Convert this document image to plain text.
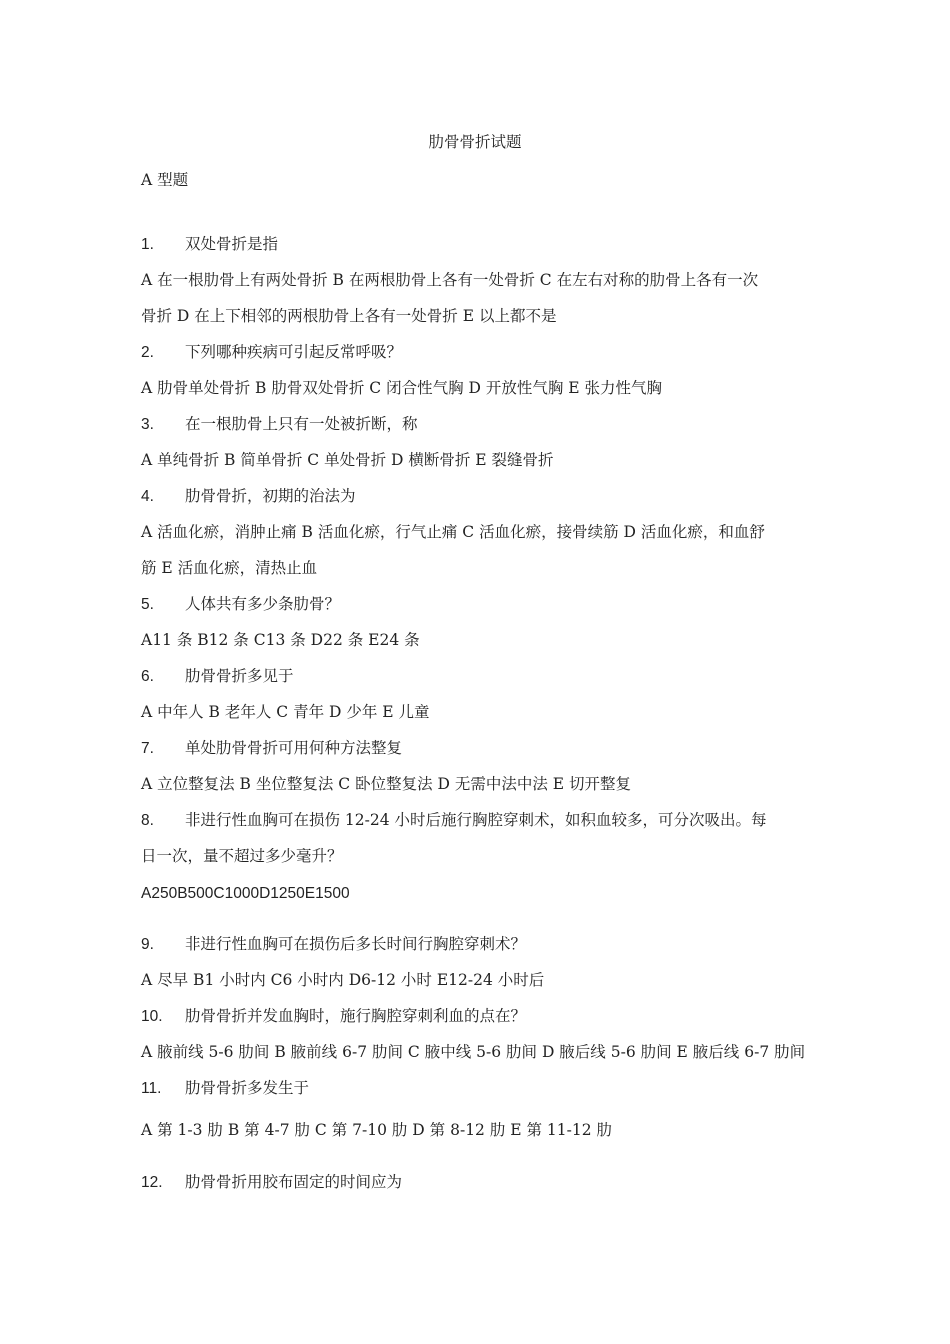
肋骨骨折试题
A 型题
1. 双处骨折是指
A 在一根肋骨上有两处骨折 B 在两根肋骨上各有一处骨折 C 在左右对称的肋骨上各有一次
骨折 D 在上下相邻的两根肋骨上各有一处骨折 E 以上都不是
2. 下列哪种疾病可引起反常呼吸？
A 肋骨单处骨折 B 肋骨双处骨折 C 闭合性气胸 D 开放性气胸 E 张力性气胸
3. 在一根肋骨上只有一处被折断，称
A 单纯骨折 B 简单骨折 C 单处骨折 D 横断骨折 E 裂缝骨折
4. 肋骨骨折，初期的治法为
A 活血化瘀，消肿止痛 B 活血化瘀，行气止痛 C 活血化瘀，接骨续筋 D 活血化瘀，和血舒
筋 E 活血化瘀，清热止血
5. 人体共有多少条肋骨？
A11 条 B12 条 C13 条 D22 条 E24 条
6. 肋骨骨折多见于
A 中年人 B 老年人 C 青年 D 少年 E 儿童
7. 单处肋骨骨折可用何种方法整复
A 立位整复法 B 坐位整复法 C 卧位整复法 D 无需中法中法 E 切开整复
8. 非进行性血胸可在损伤 12-24 小时后施行胸腔穿刺术，如积血较多，可分次吸出。每
日一次，量不超过多少毫升？
A250B500C1000D1250E1500
9. 非进行性血胸可在损伤后多长时间行胸腔穿刺术？
A 尽早 B1 小时内 C6 小时内 D6-12 小时 E12-24 小时后
10. 肋骨骨折并发血胸时，施行胸腔穿刺利血的点在？
A 腋前线 5-6 肋间 B 腋前线 6-7 肋间 C 腋中线 5-6 肋间 D 腋后线 5-6 肋间 E 腋后线 6-7 肋间
11. 肋骨骨折多发生于
A 第 1-3 肋 B 第 4-7 肋 C 第 7-10 肋 D 第 8-12 肋 E 第 11-12 肋
12. 肋骨骨折用胶布固定的时间应为
